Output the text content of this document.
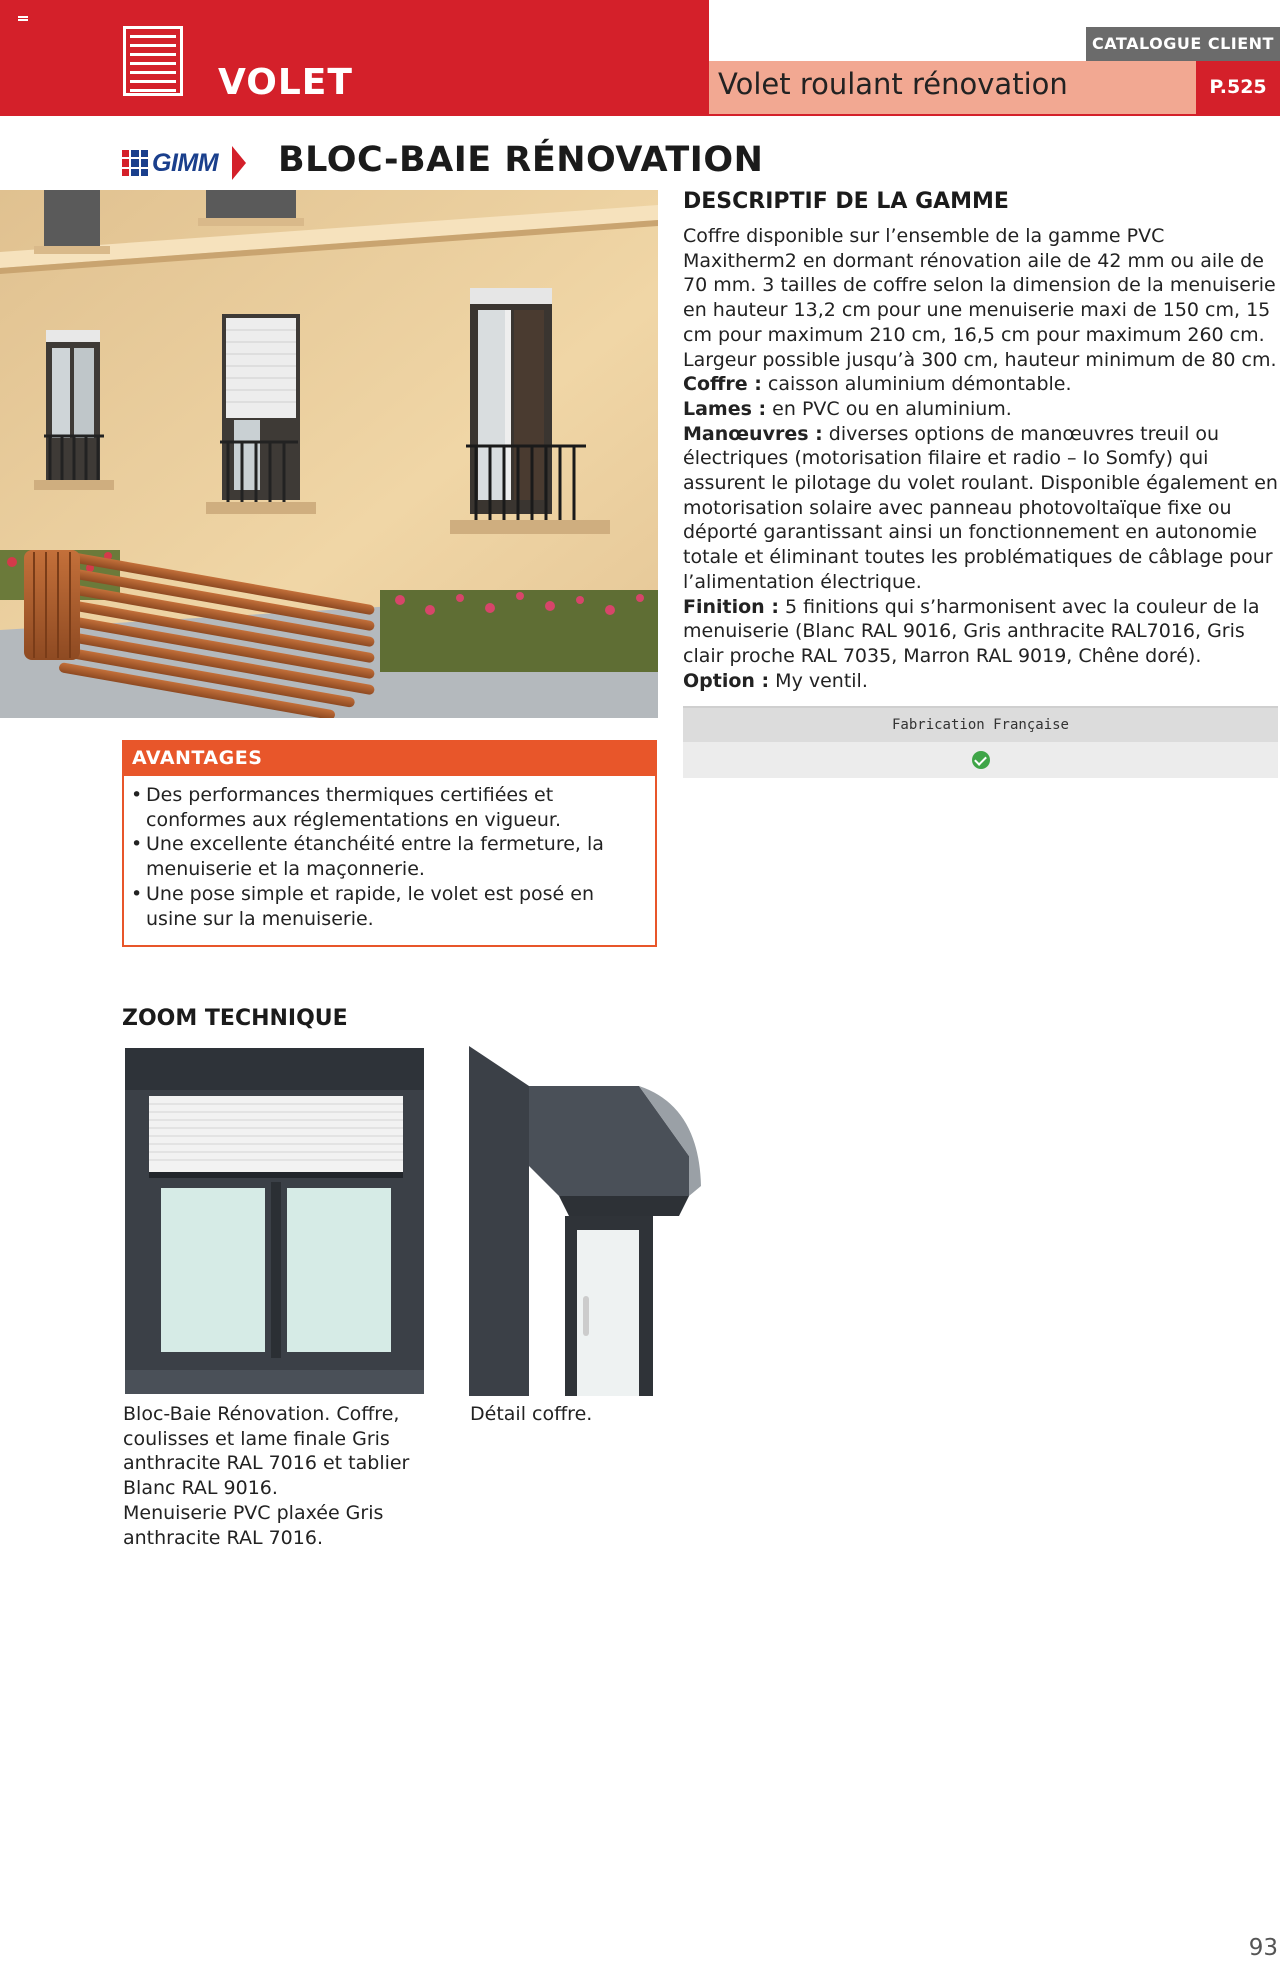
VOLET	Volet roulant rénovation
CATALOGUE CLIENT
P.525
GIMM BLOC-BAIE RÉNOVATION
DESCRIPTIF DE LA GAMME

Coffre disponible sur l’ensemble de la gamme PVC Maxitherm2 en dormant rénovation aile de 42 mm ou aile de 70 mm. 3 tailles de coffre selon la dimension de la menuiserie en hauteur 13,2 cm pour une menuiserie maxi de 150 cm, 15 cm pour maximum 210 cm, 16,5 cm pour maximum 260 cm. Largeur possible jusqu’à 300 cm, hauteur minimum de 80 cm.

Coffre : caisson aluminium démontable.

Lames : en PVC ou en aluminium.

Manœuvres : diverses options de manœuvres treuil ou électriques (motorisation filaire et radio – Io Somfy) qui assurent le pilotage du volet roulant. Disponible également en motorisation solaire avec panneau photovoltaïque fixe ou déporté garantissant ainsi un fonctionnement en autonomie totale et éliminant toutes les problématiques de câblage pour l’alimentation électrique.

Finition : 5 finitions qui s’harmonisent avec la couleur de la menuiserie (Blanc RAL 9016, Gris anthracite RAL7016, Gris clair proche RAL 7035, Marron RAL 9019, Chêne doré).

Option : My ventil.

Fabrication Française
AVANTAGES
• Des performances thermiques certifiées et conformes aux réglementations en vigueur.
• Une excellente étanchéité entre la fermeture, la menuiserie et la maçonnerie.
• Une pose simple et rapide, le volet est posé en usine sur la menuiserie.
ZOOM TECHNIQUE
Bloc-Baie Rénovation. Coffre, coulisses et lame finale Gris anthracite RAL 7016 et tablier Blanc RAL 9016.
Menuiserie PVC plaxée Gris anthracite RAL 7016.
Détail coffre.
93
